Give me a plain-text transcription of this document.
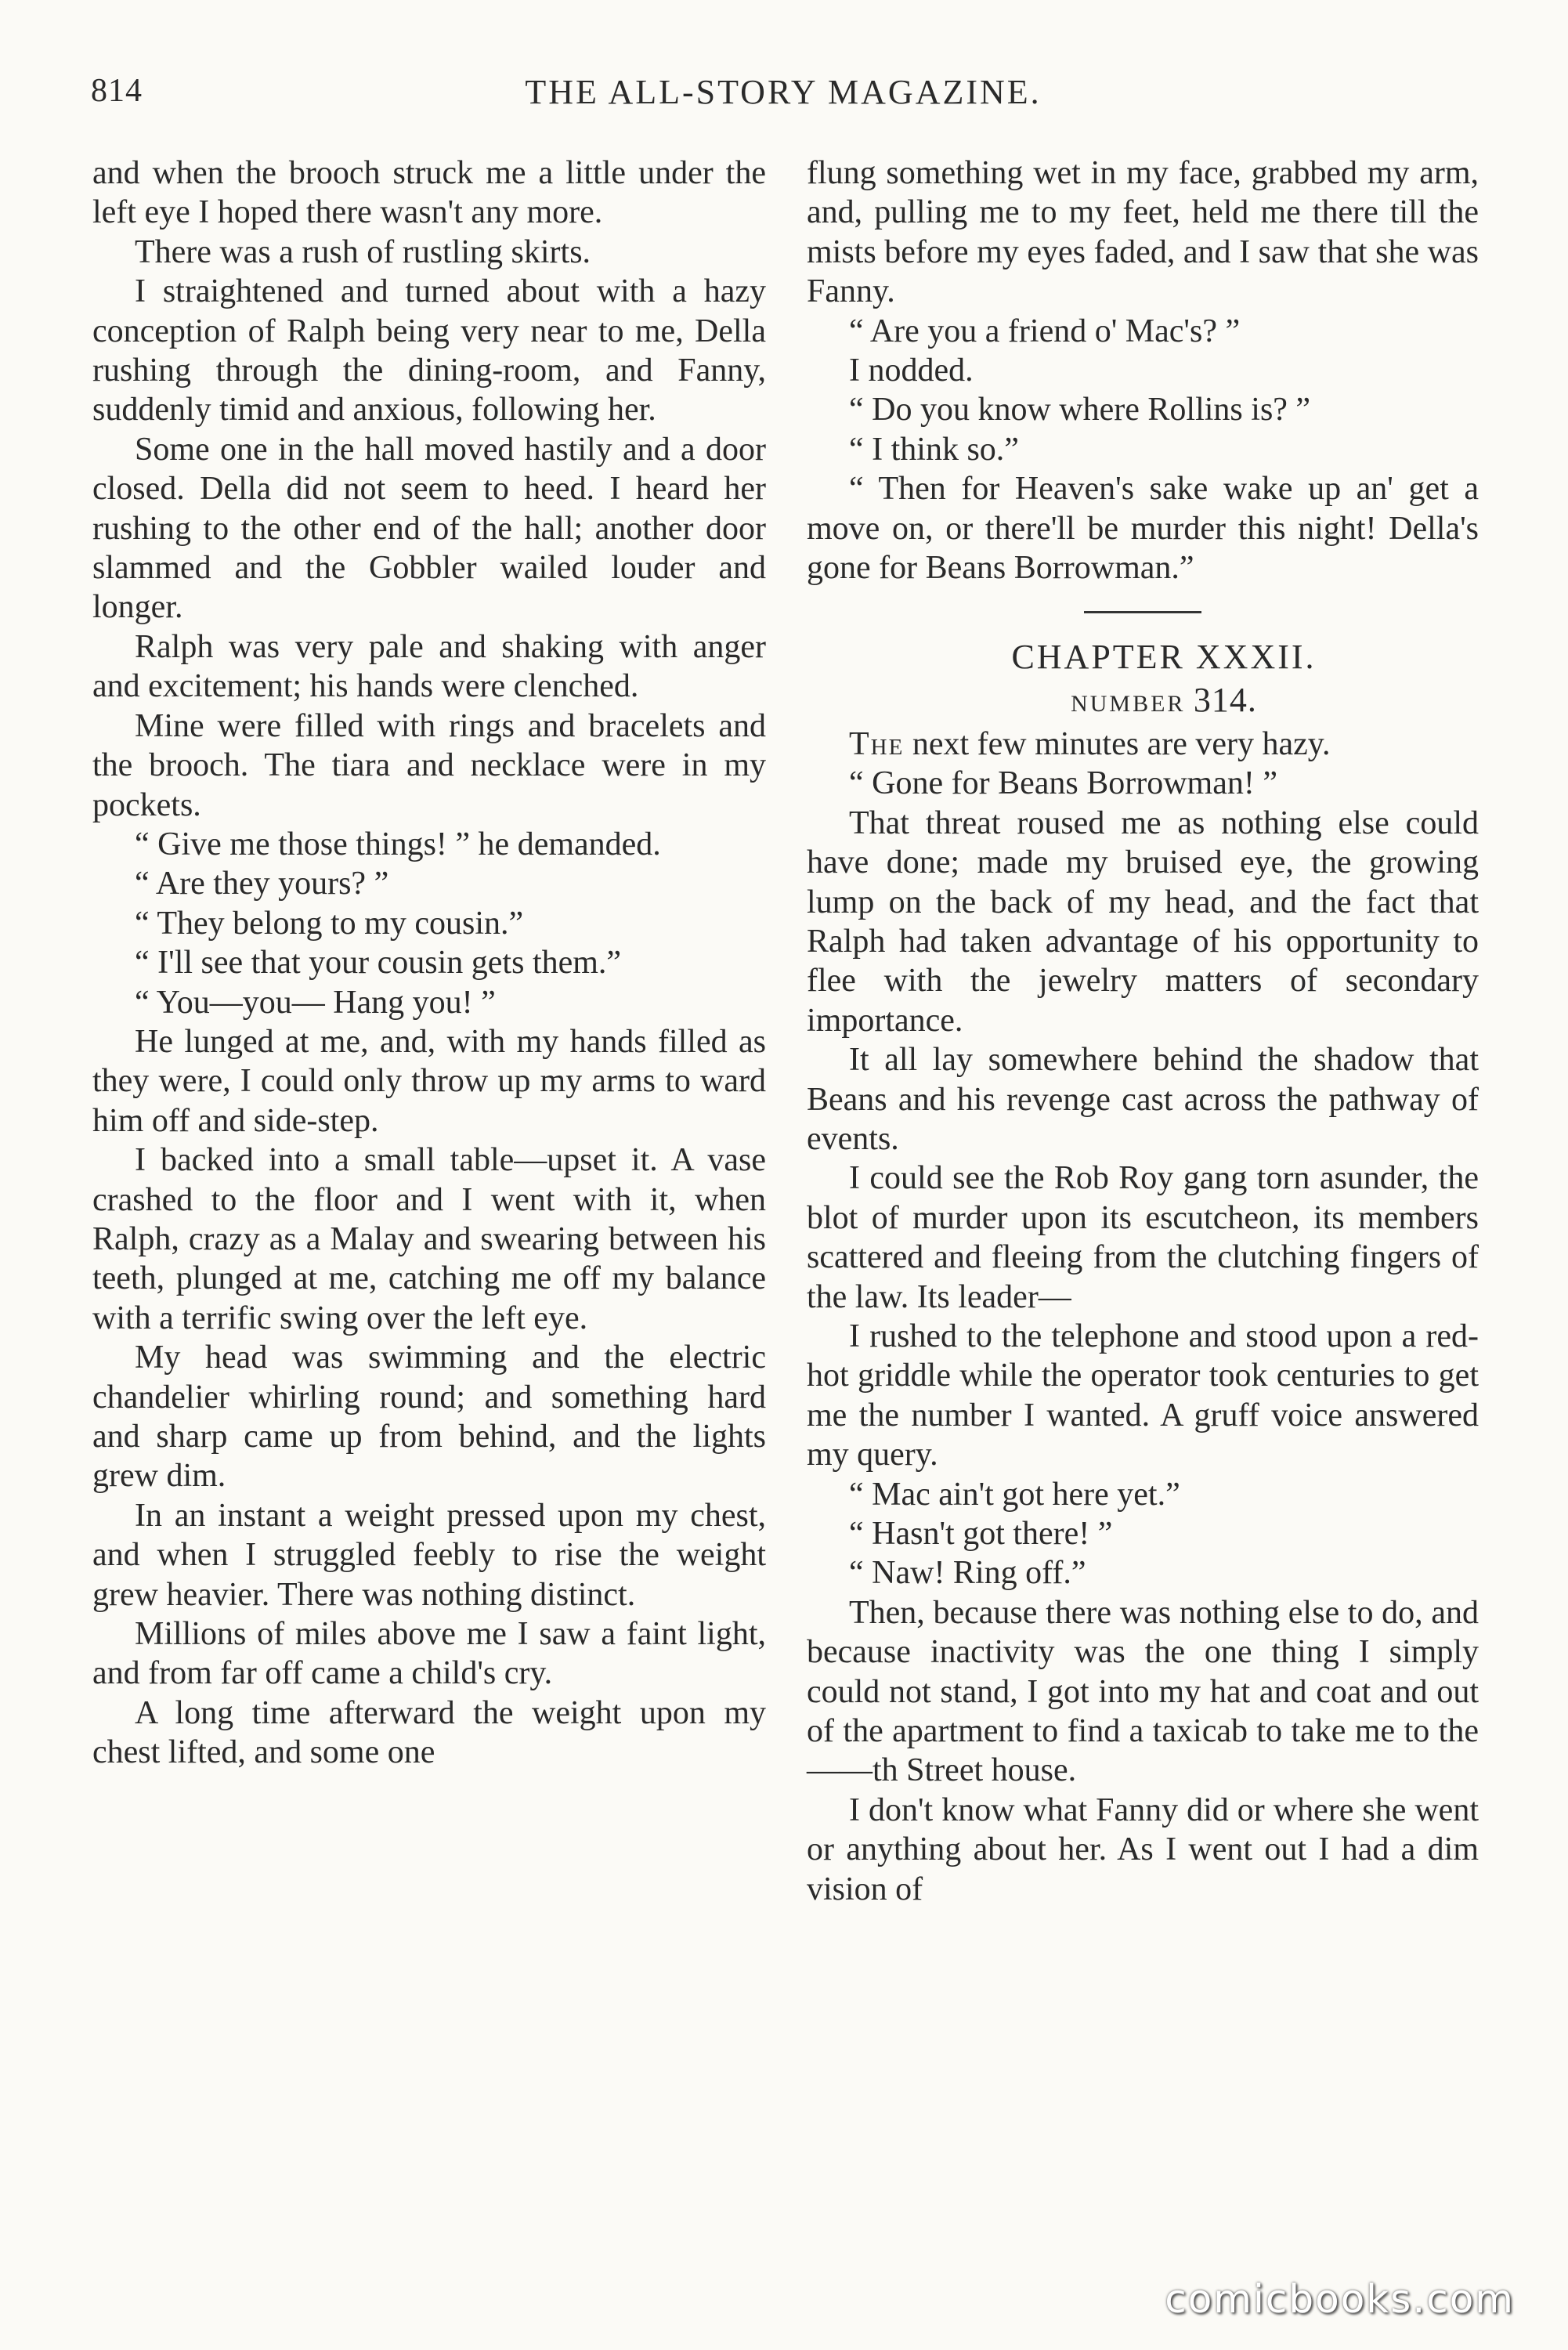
814	THE ALL-STORY MAGAZINE.

and when the brooch struck me a little under the left eye I hoped there wasn't any more.

There was a rush of rustling skirts.

I straightened and turned about with a hazy conception of Ralph being very near to me, Della rushing through the dining-room, and Fanny, suddenly timid and anxious, following her.

Some one in the hall moved hastily and a door closed. Della did not seem to heed. I heard her rushing to the other end of the hall; another door slammed and the Gobbler wailed louder and longer.

Ralph was very pale and shaking with anger and excitement; his hands were clenched.

Mine were filled with rings and bracelets and the brooch. The tiara and necklace were in my pockets.

“ Give me those things! ” he demanded.

“ Are they yours? ”

“ They belong to my cousin.”

“ I'll see that your cousin gets them.”

“ You—you— Hang you! ”

He lunged at me, and, with my hands filled as they were, I could only throw up my arms to ward him off and side-step.

I backed into a small table—upset it. A vase crashed to the floor and I went with it, when Ralph, crazy as a Malay and swearing between his teeth, plunged at me, catching me off my balance with a terrific swing over the left eye.

My head was swimming and the electric chandelier whirling round; and something hard and sharp came up from behind, and the lights grew dim.

In an instant a weight pressed upon my chest, and when I struggled feebly to rise the weight grew heavier. There was nothing distinct.

Millions of miles above me I saw a faint light, and from far off came a child's cry.

A long time afterward the weight upon my chest lifted, and some one

flung something wet in my face, grabbed my arm, and, pulling me to my feet, held me there till the mists before my eyes faded, and I saw that she was Fanny.

“ Are you a friend o' Mac's? ”

I nodded.

“ Do you know where Rollins is? ”

“ I think so.”

“ Then for Heaven's sake wake up an' get a move on, or there'll be murder this night! Della's gone for Beans Borrowman.”

CHAPTER XXXII.

NUMBER 314.

The next few minutes are very hazy.

“ Gone for Beans Borrowman! ”

That threat roused me as nothing else could have done; made my bruised eye, the growing lump on the back of my head, and the fact that Ralph had taken advantage of his opportunity to flee with the jewelry matters of secondary importance.

It all lay somewhere behind the shadow that Beans and his revenge cast across the pathway of events.

I could see the Rob Roy gang torn asunder, the blot of murder upon its escutcheon, its members scattered and fleeing from the clutching fingers of the law. Its leader—

I rushed to the telephone and stood upon a red-hot griddle while the operator took centuries to get me the number I wanted. A gruff voice answered my query.

“ Mac ain't got here yet.”

“ Hasn't got there! ”

“ Naw! Ring off.”

Then, because there was nothing else to do, and because inactivity was the one thing I simply could not stand, I got into my hat and coat and out of the apartment to find a taxicab to take me to the ——th Street house.

I don't know what Fanny did or where she went or anything about her. As I went out I had a dim vision of

comicbooks.com
